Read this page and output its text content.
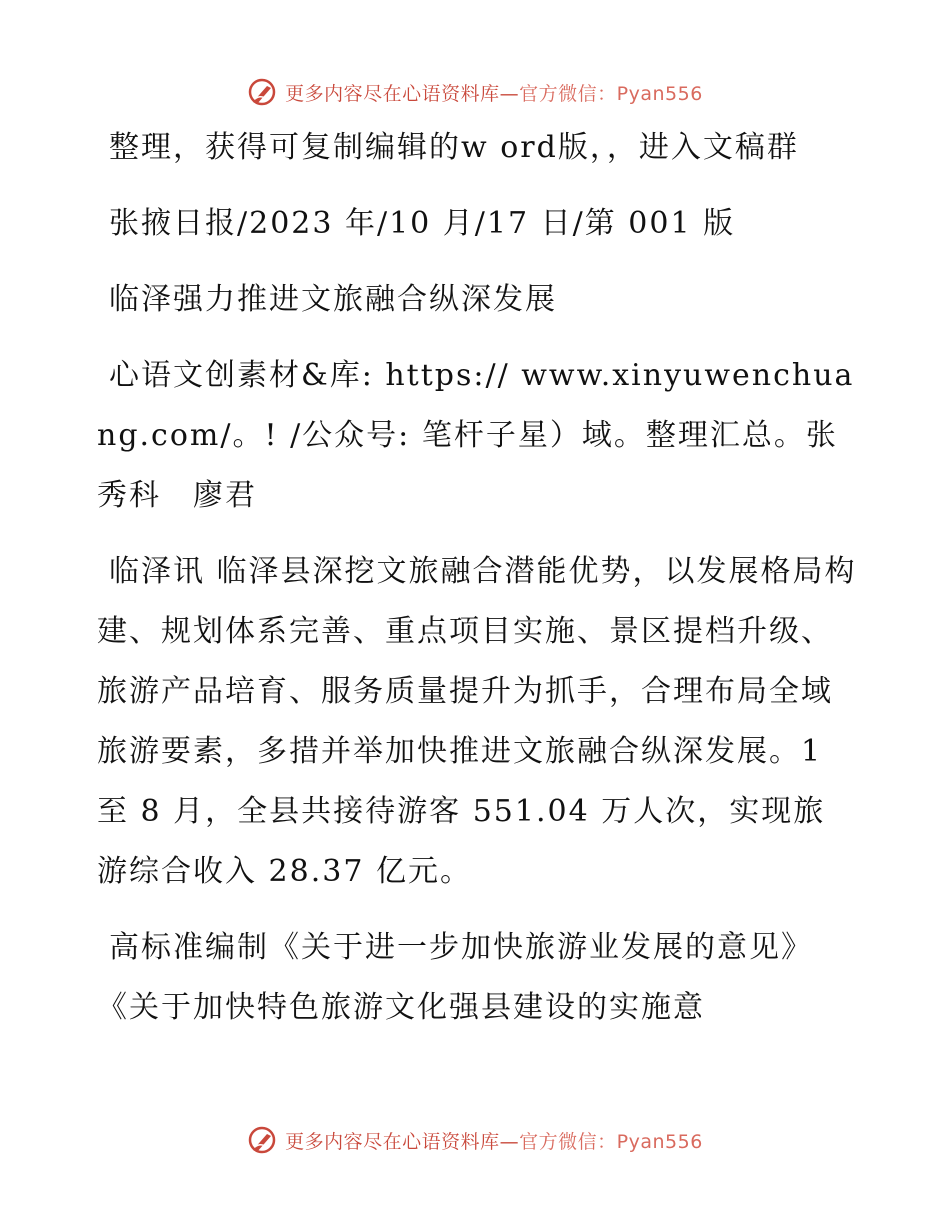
更多内容尽在心语资料库—官方微信：Pyan556

整理，获得可复制编辑的w ord版，，进入文稿群

张掖日报/2023 年/10 月/17 日/第 001 版

临泽强力推进文旅融合纵深发展

心语文创素材&库: https:// www.xinyuwenchuang.com/。! /公众号: 笔杆子星）域。整理汇总。张秀科　廖君

临泽讯 临泽县深挖文旅融合潜能优势，以发展格局构建、规划体系完善、重点项目实施、景区提档升级、旅游产品培育、服务质量提升为抓手，合理布局全域旅游要素，多措并举加快推进文旅融合纵深发展。1 至 8 月，全县共接待游客 551.04 万人次，实现旅游综合收入 28.37 亿元。

高标准编制《关于进一步加快旅游业发展的意见》《关于加快特色旅游文化强县建设的实施意

更多内容尽在心语资料库—官方微信：Pyan556
